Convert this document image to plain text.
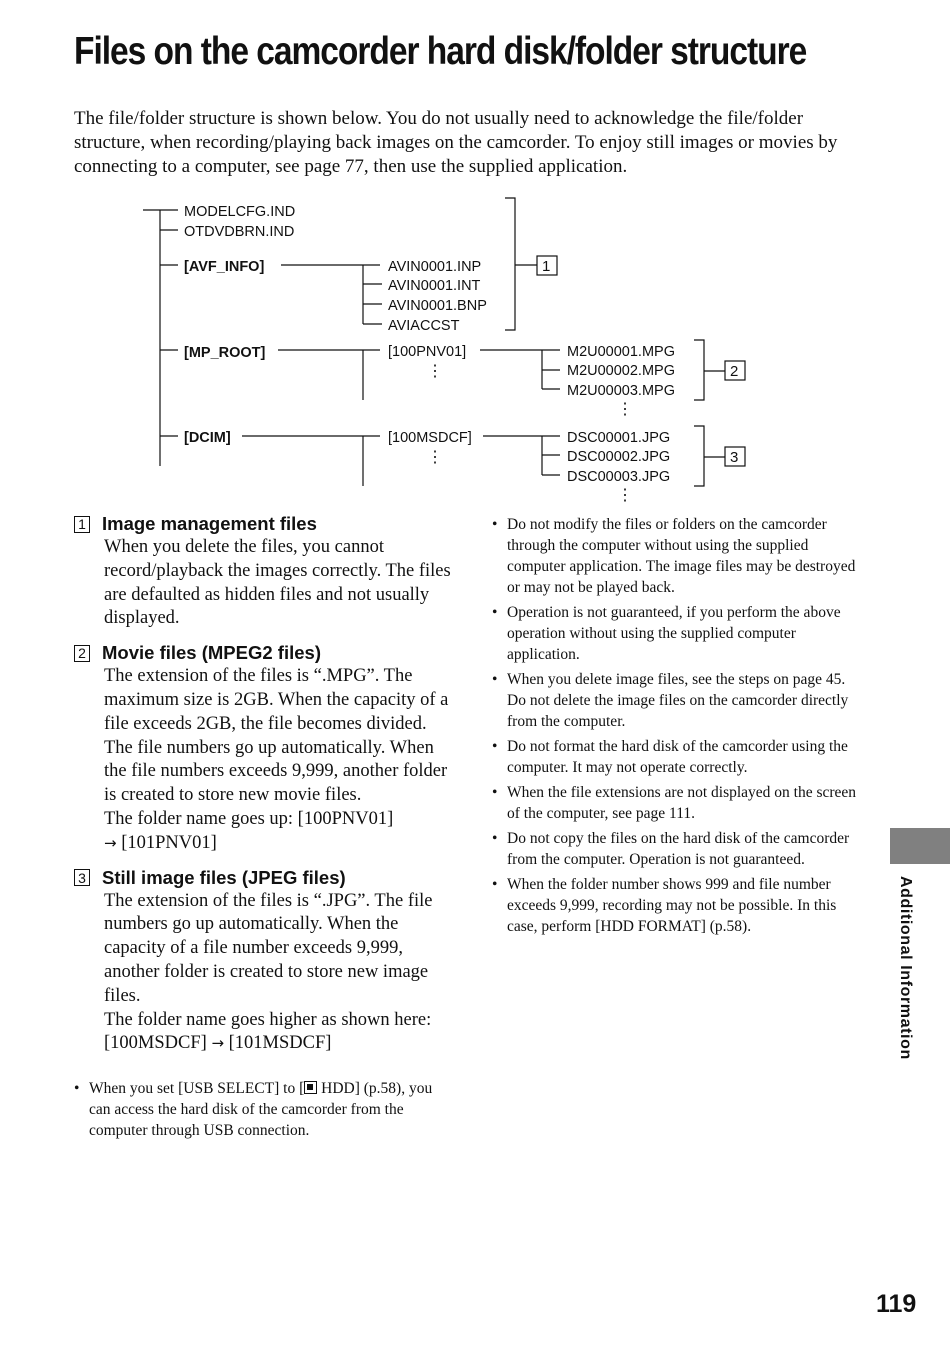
Files on the camcorder hard disk/folder structure

The file/folder structure is shown below. You do not usually need to acknowledge the file/folder structure, when recording/playing back images on the camcorder. To enjoy still images or movies by connecting to a computer, see page 77, then use the supplied application.

MODELCFG.IND
OTDVDBRN.IND
[AVF_INFO]	AVIN0001.INP
AVIN0001.INT
AVIN0001.BNP
AVIACCST
1
[MP_ROOT]	[100PNV01]
⋮
M2U00001.MPG
M2U00002.MPG
M2U00003.MPG
⋮
2
[DCIM]	[100MSDCF]
⋮
DSC00001.JPG
DSC00002.JPG
DSC00003.JPG
⋮
3
1 Image management files

When you delete the files, you cannot record/playback the images correctly. The files are defaulted as hidden files and not usually displayed.

2 Movie files (MPEG2 files)

The extension of the files is “.MPG”. The maximum size is 2GB. When the capacity of a file exceeds 2GB, the file becomes divided.

The file numbers go up automatically. When the file numbers exceeds 9,999, another folder is created to store new movie files.

The folder name goes up: [100PNV01]
→ [101PNV01]

3 Still image files (JPEG files)

The extension of the files is “.JPG”. The file numbers go up automatically. When the capacity of a file number exceeds 9,999, another folder is created to store new image files.

The folder name goes higher as shown here: [100MSDCF] → [101MSDCF]

• When you set [USB SELECT] to [ HDD] (p.58), you can access the hard disk of the camcorder from the computer through USB connection.
• Do not modify the files or folders on the camcorder through the computer without using the supplied computer application. The image files may be destroyed or may not be played back.
• Operation is not guaranteed, if you perform the above operation without using the supplied computer application.
• When you delete image files, see the steps on page 45. Do not delete the image files on the camcorder directly from the computer.
• Do not format the hard disk of the camcorder using the computer. It may not operate correctly.
• When the file extensions are not displayed on the screen of the computer, see page 111.
• Do not copy the files on the hard disk of the camcorder from the computer. Operation is not guaranteed.
• When the folder number shows 999 and file number exceeds 9,999, recording may not be possible. In this case, perform [HDD FORMAT] (p.58).	Additional Information
119
